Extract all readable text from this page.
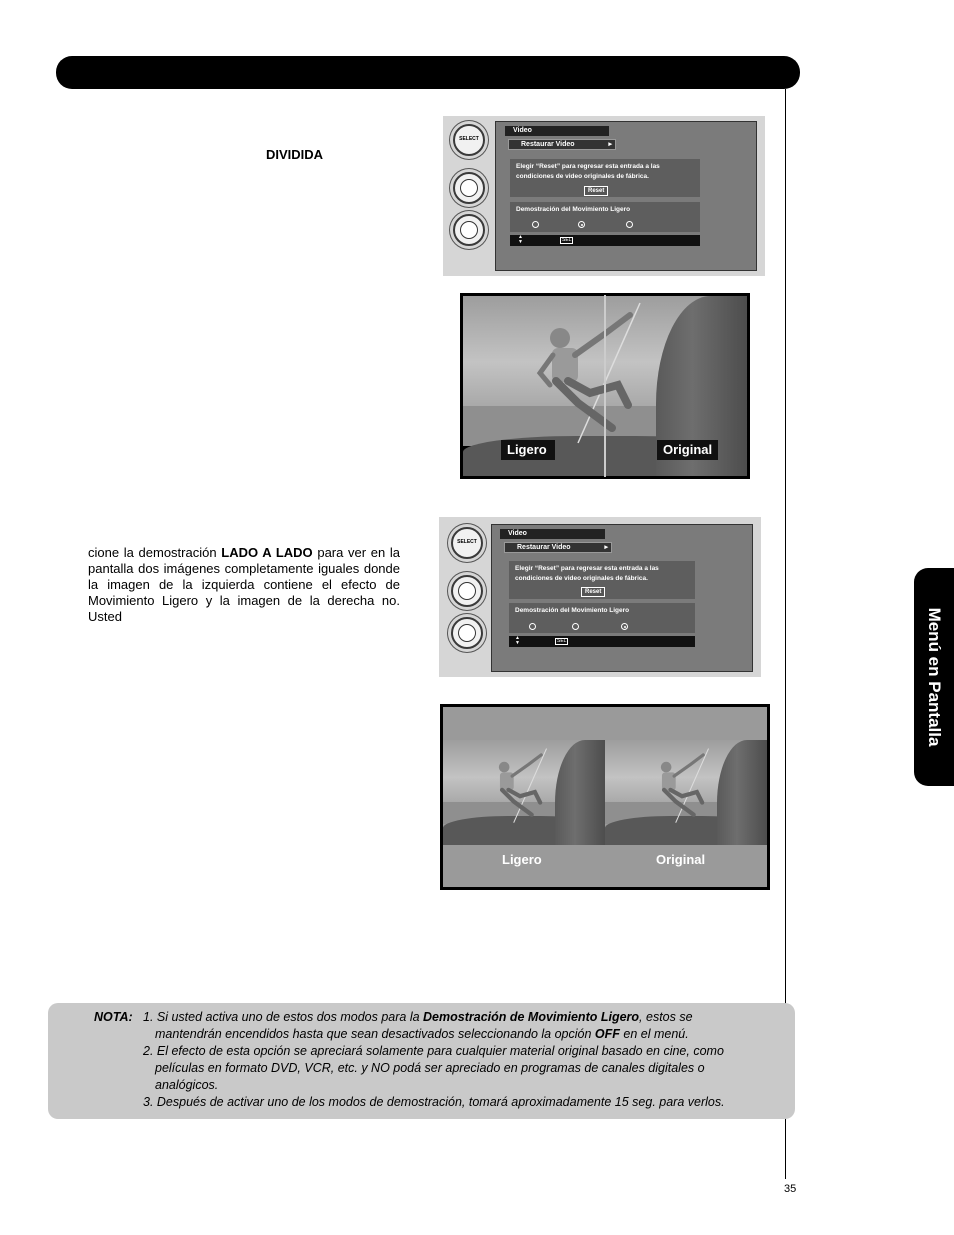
Menú en Pantalla
35
DIVIDIDA
cione la demostración LADO A LADO para ver en la pantalla dos imágenes completamente iguales donde la imagen de la izquierda contiene el efecto de Movimiento Ligero y la imagen de la derecha no. Usted
SELECT
Video
Restaurar Video	▸
Elegir “Reset” para regresar esta entrada a las
condiciones de video originales de fábrica.
Reset
Demostración del Movimiento Ligero
▲
▼	SEL
Ligero	Original
SELECT
Video
Restaurar Video	▸
Elegir “Reset” para regresar esta entrada a las
condiciones de video originales de fábrica.
Reset
Demostración del Movimiento Ligero
▲
▼	SEL
Ligero	Original
NOTA: 1. Si usted activa uno de estos dos modos para la Demostración de Movimiento Ligero, estos se
mantendrán encendidos hasta que sean desactivados seleccionando la opción OFF en el menú.
2. El efecto de esta opción se apreciará solamente para cualquier material original basado en cine, como
películas en formato DVD, VCR, etc. y NO podá ser apreciado en programas de canales digitales o
analógicos.
3. Después de activar uno de los modos de demostración, tomará aproximadamente 15 seg. para verlos.
